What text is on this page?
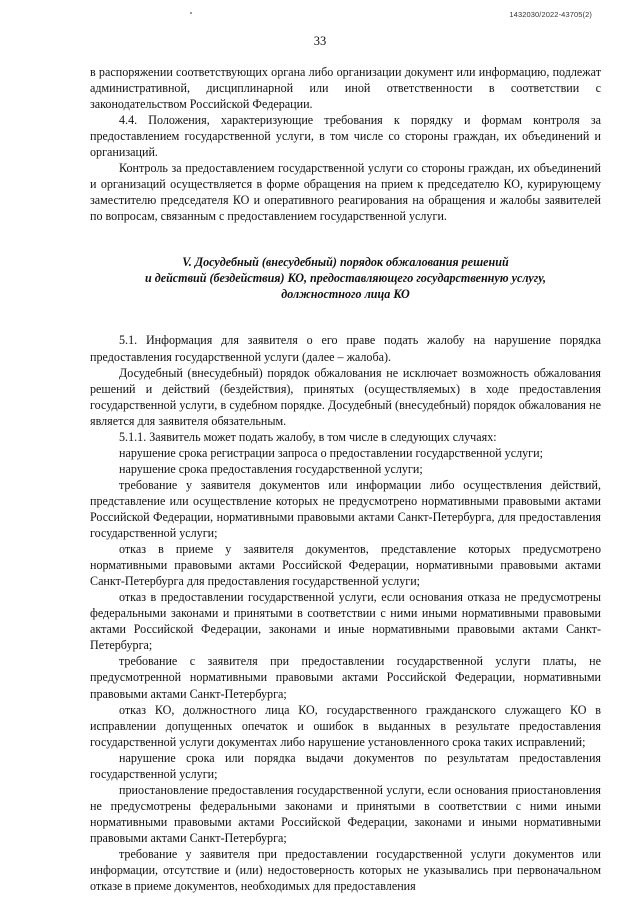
1432030/2022-43705(2)
33

в распоряжении соответствующих органа либо организации документ или информацию, подлежат административной, дисциплинарной или иной ответственности в соответствии с законодательством Российской Федерации.

4.4. Положения, характеризующие требования к порядку и формам контроля за предоставлением государственной услуги, в том числе со стороны граждан, их объединений и организаций.

Контроль за предоставлением государственной услуги со стороны граждан, их объединений и организаций осуществляется в форме обращения на прием к председателю КО, курирующему заместителю председателя КО и оперативного реагирования на обращения и жалобы заявителей по вопросам, связанным с предоставлением государственной услуги.

V. Досудебный (внесудебный) порядок обжалования решений
и действий (бездействия) КО, предоставляющего государственную услугу,
должностного лица КО

5.1. Информация для заявителя о его праве подать жалобу на нарушение порядка предоставления государственной услуги (далее – жалоба).

Досудебный (внесудебный) порядок обжалования не исключает возможность обжалования решений и действий (бездействия), принятых (осуществляемых) в ходе предоставления государственной услуги, в судебном порядке. Досудебный (внесудебный) порядок обжалования не является для заявителя обязательным.

5.1.1. Заявитель может подать жалобу, в том числе в следующих случаях:

нарушение срока регистрации запроса о предоставлении государственной услуги;

нарушение срока предоставления государственной услуги;

требование у заявителя документов или информации либо осуществления действий, представление или осуществление которых не предусмотрено нормативными правовыми актами Российской Федерации, нормативными правовыми актами Санкт-Петербурга, для предоставления государственной услуги;

отказ в приеме у заявителя документов, представление которых предусмотрено нормативными правовыми актами Российской Федерации, нормативными правовыми актами Санкт-Петербурга для предоставления государственной услуги;

отказ в предоставлении государственной услуги, если основания отказа не предусмотрены федеральными законами и принятыми в соответствии с ними иными нормативными правовыми актами Российской Федерации, законами и иные нормативными правовыми актами Санкт-Петербурга;

требование с заявителя при предоставлении государственной услуги платы, не предусмотренной нормативными правовыми актами Российской Федерации, нормативными правовыми актами Санкт-Петербурга;

отказ КО, должностного лица КО, государственного гражданского служащего КО в исправлении допущенных опечаток и ошибок в выданных в результате предоставления государственной услуги документах либо нарушение установленного срока таких исправлений;

нарушение срока или порядка выдачи документов по результатам предоставления государственной услуги;

приостановление предоставления государственной услуги, если основания приостановления не предусмотрены федеральными законами и принятыми в соответствии с ними иными нормативными правовыми актами Российской Федерации, законами и иными нормативными правовыми актами Санкт-Петербурга;

требование у заявителя при предоставлении государственной услуги документов или информации, отсутствие и (или) недостоверность которых не указывались при первоначальном отказе в приеме документов, необходимых для предоставления
